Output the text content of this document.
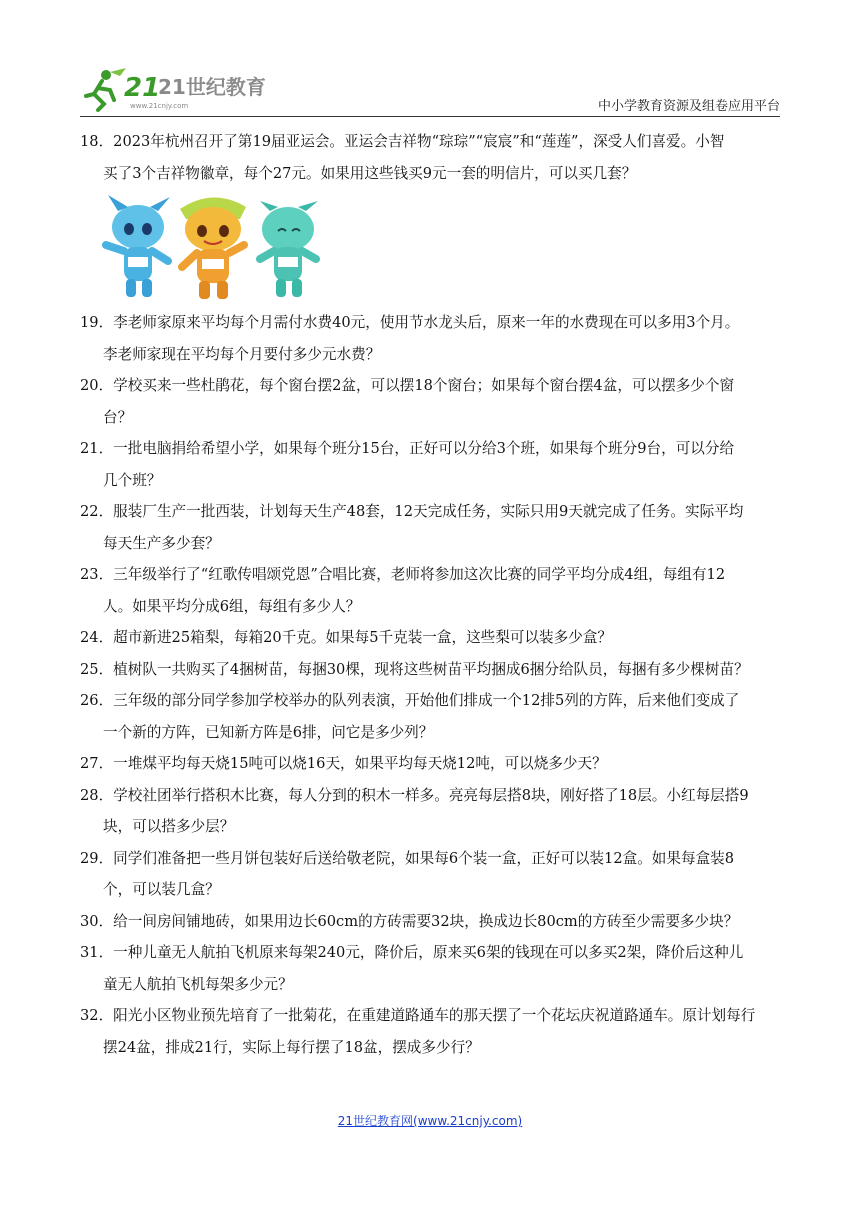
21
21世纪教育
www.21cnjy.com	中小学教育资源及组卷应用平台
18．2023年杭州召开了第19届亚运会。亚运会吉祥物“琮琮”“宸宸”和“莲莲”，深受人们喜爱。小智
买了3个吉祥物徽章，每个27元。如果用这些钱买9元一套的明信片，可以买几套？
19．李老师家原来平均每个月需付水费40元，使用节水龙头后，原来一年的水费现在可以多用3个月。
李老师家现在平均每个月要付多少元水费？
20．学校买来一些杜鹃花，每个窗台摆2盆，可以摆18个窗台；如果每个窗台摆4盆，可以摆多少个窗
台？
21．一批电脑捐给希望小学，如果每个班分15台，正好可以分给3个班，如果每个班分9台，可以分给
几个班？
22．服装厂生产一批西装，计划每天生产48套，12天完成任务，实际只用9天就完成了任务。实际平均
每天生产多少套？
23．三年级举行了“红歌传唱颂党恩”合唱比赛，老师将参加这次比赛的同学平均分成4组，每组有12
人。如果平均分成6组，每组有多少人？
24．超市新进25箱梨，每箱20千克。如果每5千克装一盒，这些梨可以装多少盒？
25．植树队一共购买了4捆树苗，每捆30棵，现将这些树苗平均捆成6捆分给队员，每捆有多少棵树苗？
26．三年级的部分同学参加学校举办的队列表演，开始他们排成一个12排5列的方阵，后来他们变成了
一个新的方阵，已知新方阵是6排，问它是多少列？
27．一堆煤平均每天烧15吨可以烧16天，如果平均每天烧12吨，可以烧多少天？
28．学校社团举行搭积木比赛，每人分到的积木一样多。亮亮每层搭8块，刚好搭了18层。小红每层搭9
块，可以搭多少层？
29．同学们准备把一些月饼包装好后送给敬老院，如果每6个装一盒，正好可以装12盒。如果每盒装8
个，可以装几盒？
30．给一间房间铺地砖，如果用边长60cm的方砖需要32块，换成边长80cm的方砖至少需要多少块？
31．一种儿童无人航拍飞机原来每架240元，降价后，原来买6架的钱现在可以多买2架，降价后这种儿
童无人航拍飞机每架多少元？
32．阳光小区物业预先培育了一批菊花，在重建道路通车的那天摆了一个花坛庆祝道路通车。原计划每行
摆24盆，排成21行，实际上每行摆了18盆，摆成多少行？
21世纪教育网(www.21cnjy.com)
